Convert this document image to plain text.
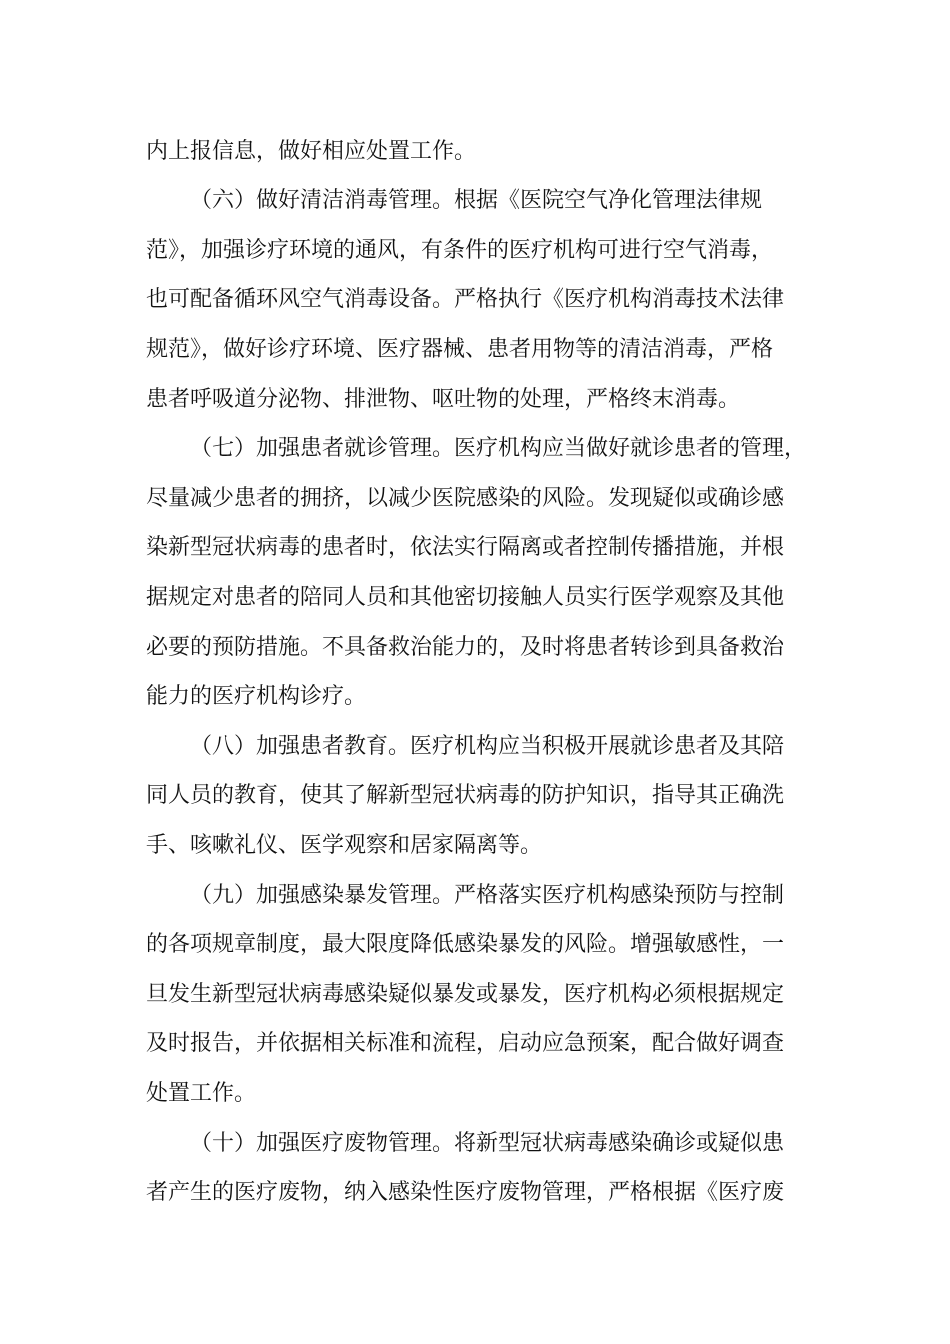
内上报信息，做好相应处置工作。
（六）做好清洁消毒管理。根据《医院空气净化管理法律规
范》，加强诊疗环境的通风，有条件的医疗机构可进行空气消毒，
也可配备循环风空气消毒设备。严格执行《医疗机构消毒技术法律
规范》，做好诊疗环境、医疗器械、患者用物等的清洁消毒，严格
患者呼吸道分泌物、排泄物、呕吐物的处理，严格终末消毒。
（七）加强患者就诊管理。医疗机构应当做好就诊患者的管理，
尽量减少患者的拥挤，以减少医院感染的风险。发现疑似或确诊感
染新型冠状病毒的患者时，依法实行隔离或者控制传播措施，并根
据规定对患者的陪同人员和其他密切接触人员实行医学观察及其他
必要的预防措施。不具备救治能力的，及时将患者转诊到具备救治
能力的医疗机构诊疗。
（八）加强患者教育。医疗机构应当积极开展就诊患者及其陪
同人员的教育，使其了解新型冠状病毒的防护知识，指导其正确洗
手、咳嗽礼仪、医学观察和居家隔离等。
（九）加强感染暴发管理。严格落实医疗机构感染预防与控制
的各项规章制度，最大限度降低感染暴发的风险。增强敏感性，一
旦发生新型冠状病毒感染疑似暴发或暴发，医疗机构必须根据规定
及时报告，并依据相关标准和流程，启动应急预案，配合做好调查
处置工作。
（十）加强医疗废物管理。将新型冠状病毒感染确诊或疑似患
者产生的医疗废物，纳入感染性医疗废物管理，严格根据《医疗废
